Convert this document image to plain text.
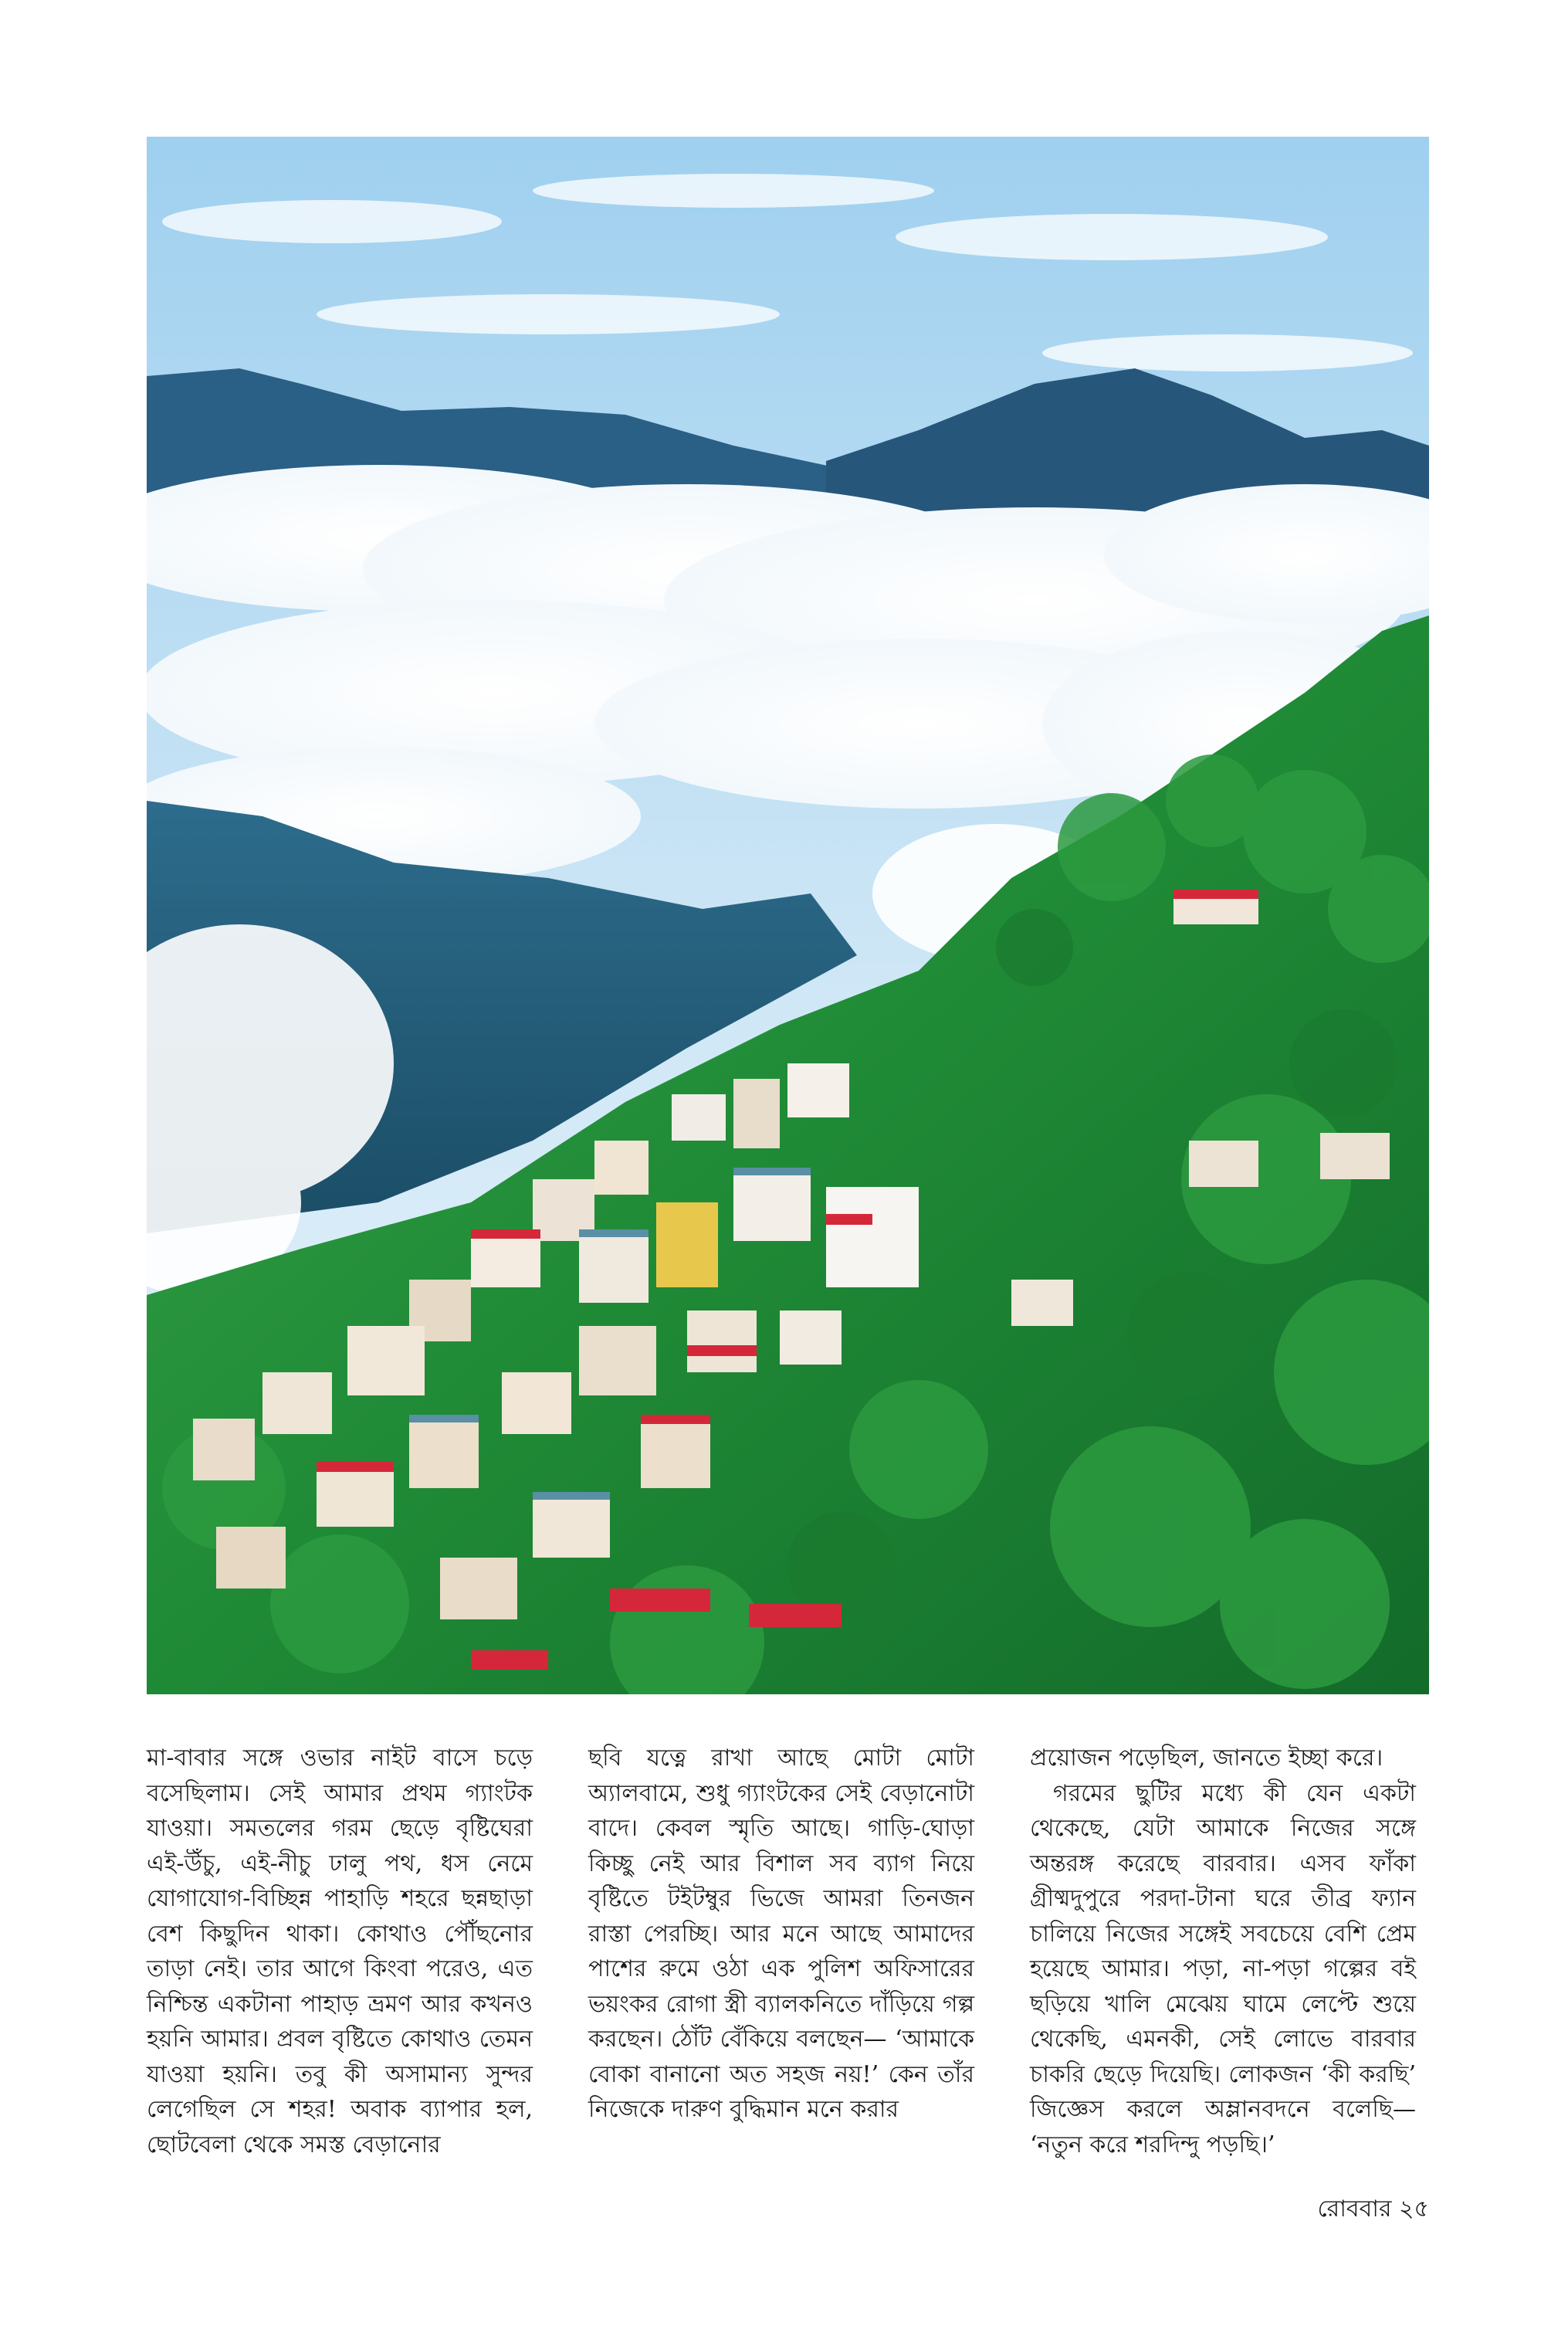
মা-বাবার সঙ্গে ওভার নাইট বাসে চড়ে বসেছিলাম। সেই আমার প্রথম গ্যাংটক যাওয়া। সমতলের গরম ছেড়ে বৃষ্টিঘেরা এই-উঁচু, এই-নীচু ঢালু পথ, ধস নেমে যোগাযোগ-বিচ্ছিন্ন পাহাড়ি শহরে ছন্নছাড়া বেশ কিছুদিন থাকা। কোথাও পৌঁছনোর তাড়া নেই। তার আগে কিংবা পরেও, এত নিশ্চিন্ত একটানা পাহাড় ভ্রমণ আর কখনও হয়নি আমার। প্রবল বৃষ্টিতে কোথাও তেমন যাওয়া হয়নি। তবু কী অসামান্য সুন্দর লেগেছিল সে শহর! অবাক ব্যাপার হল, ছোটবেলা থেকে সমস্ত বেড়ানোর

ছবি যত্নে রাখা আছে মোটা মোটা অ্যালবামে, শুধু গ্যাংটকের সেই বেড়ানোটা বাদে। কেবল স্মৃতি আছে। গাড়ি-ঘোড়া কিচ্ছু নেই আর বিশাল সব ব্যাগ নিয়ে বৃষ্টিতে টইটম্বুর ভিজে আমরা তিনজন রাস্তা পেরচ্ছি। আর মনে আছে আমাদের পাশের রুমে ওঠা এক পুলিশ অফিসারের ভয়ংকর রোগা স্ত্রী ব্যালকনিতে দাঁড়িয়ে গল্প করছেন। ঠোঁট বেঁকিয়ে বলছেন— ‘আমাকে বোকা বানানো অত সহজ নয়!’ কেন তাঁর নিজেকে দারুণ বুদ্ধিমান মনে করার

প্রয়োজন পড়েছিল, জানতে ইচ্ছা করে।

গরমের ছুটির মধ্যে কী যেন একটা থেকেছে, যেটা আমাকে নিজের সঙ্গে অন্তরঙ্গ করেছে বারবার। এসব ফাঁকা গ্রীষ্মদুপুরে পরদা-টানা ঘরে তীব্র ফ্যান চালিয়ে নিজের সঙ্গেই সবচেয়ে বেশি প্রেম হয়েছে আমার। পড়া, না-পড়া গল্পের বই ছড়িয়ে খালি মেঝেয় ঘামে লেপ্টে শুয়ে থেকেছি, এমনকী, সেই লোভে বারবার চাকরি ছেড়ে দিয়েছি। লোকজন ‘কী করছি’ জিজ্ঞেস করলে অম্লানবদনে বলেছি— ‘নতুন করে শরদিন্দু পড়ছি।’

রোববার ২৫
